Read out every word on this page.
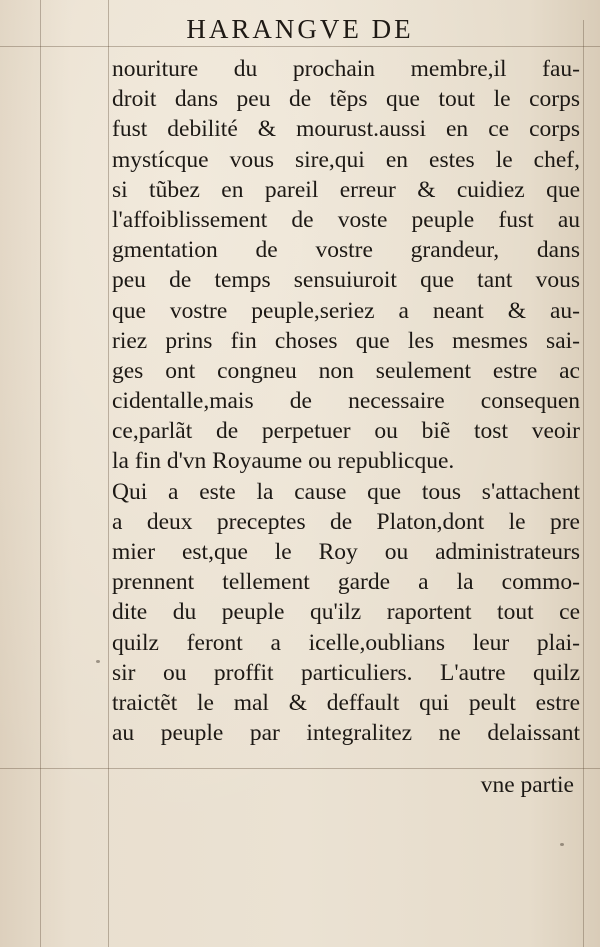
HARANGVE DE
nouriture du prochain membre,il fau-
droit dans peu de tẽps que tout le corps
fust debilité & mourust.aussi en ce corps
mystícque vous sire,qui en estes le chef,
si tũbez en pareil erreur & cuidiez que
l'affoiblissement de voste peuple fust au
gmentation de vostre grandeur, dans
peu de temps sensuiuroit que tant vous
que vostre peuple,seriez a neant & au-
riez prins fin choses que les mesmes sai-
ges ont congneu non seulement estre ac
cidentalle,mais de necessaire consequen
ce,parlãt de perpetuer ou biẽ tost veoir
la fin d'vn Royaume ou republicque.
Qui a este la cause que tous s'attachent
a deux preceptes de Platon,dont le pre
mier est,que le Roy ou administrateurs
prennent tellement garde a la commo-
dite du peuple qu'ilz raportent tout ce
quilz feront a icelle,oublians leur plai-
sir ou proffit particuliers. L'autre quilz
traictẽt le mal & deffault qui peult estre
au peuple par integralitez ne delaissant
vne partie
